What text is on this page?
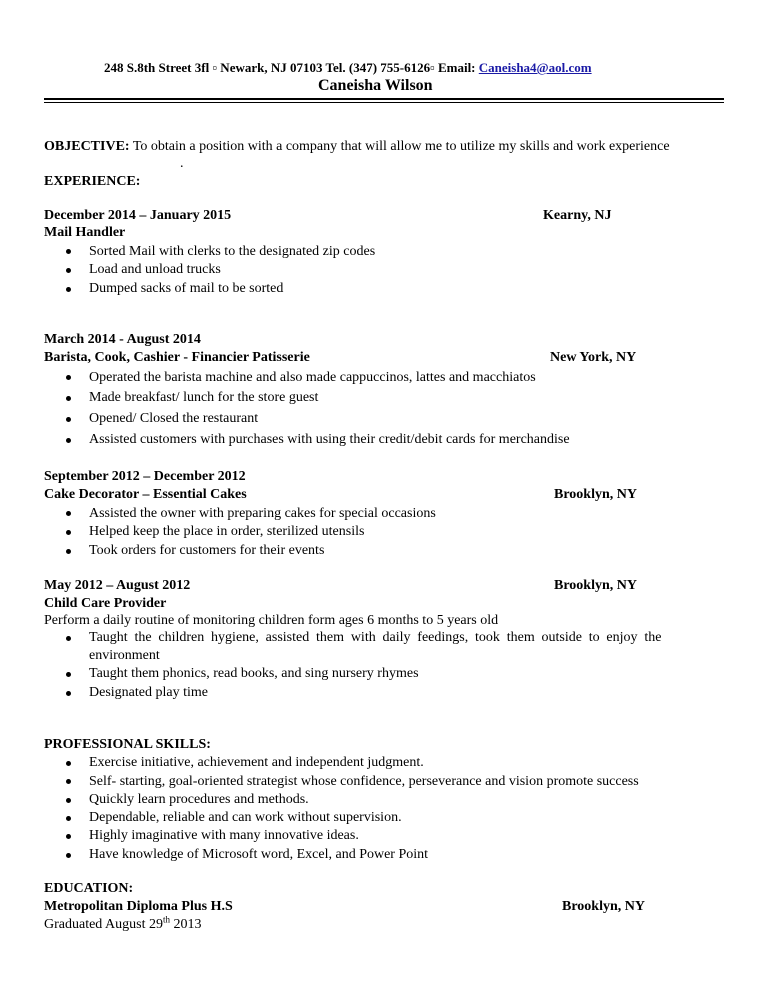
248 S.8th Street 3fl ▫ Newark, NJ 07103 Tel. (347) 755-6126▫ Email: Caneisha4@aol.com
Caneisha Wilson
OBJECTIVE: To obtain a position with a company that will allow me to utilize my skills and work experience
.
EXPERIENCE:
December 2014 – January 2015	Kearny, NJ
Mail Handler
Sorted Mail with clerks to the designated zip codes
Load and unload trucks
Dumped sacks of mail to be sorted
March 2014 - August 2014
New York, NY
Barista, Cook, Cashier - Financier Patisserie
Operated the barista machine and also made cappuccinos, lattes and macchiatos
Made breakfast/ lunch for the store guest
Opened/ Closed the restaurant
Assisted customers with purchases with using their credit/debit cards for merchandise
September 2012 – December 2012
Brooklyn, NY
Cake Decorator – Essential Cakes
Assisted the owner with preparing cakes for special occasions
Helped keep the place in order, sterilized utensils
Took orders for customers for their events
May 2012 – August 2012	Brooklyn, NY
Child Care Provider
Perform a daily routine of monitoring children form ages 6 months to 5 years old
Taught the children hygiene, assisted them with daily feedings, took them outside to enjoy the
environment
Taught them phonics, read books, and sing nursery rhymes
Designated play time
PROFESSIONAL SKILLS:
Exercise initiative, achievement and independent judgment.
Self- starting, goal-oriented strategist whose confidence, perseverance and vision promote success
Quickly learn procedures and methods.
Dependable, reliable and can work without supervision.
Highly imaginative with many innovative ideas.
Have knowledge of Microsoft word, Excel, and Power Point
EDUCATION:
Metropolitan Diploma Plus H.S	Brooklyn, NY
Graduated August 29th 2013
